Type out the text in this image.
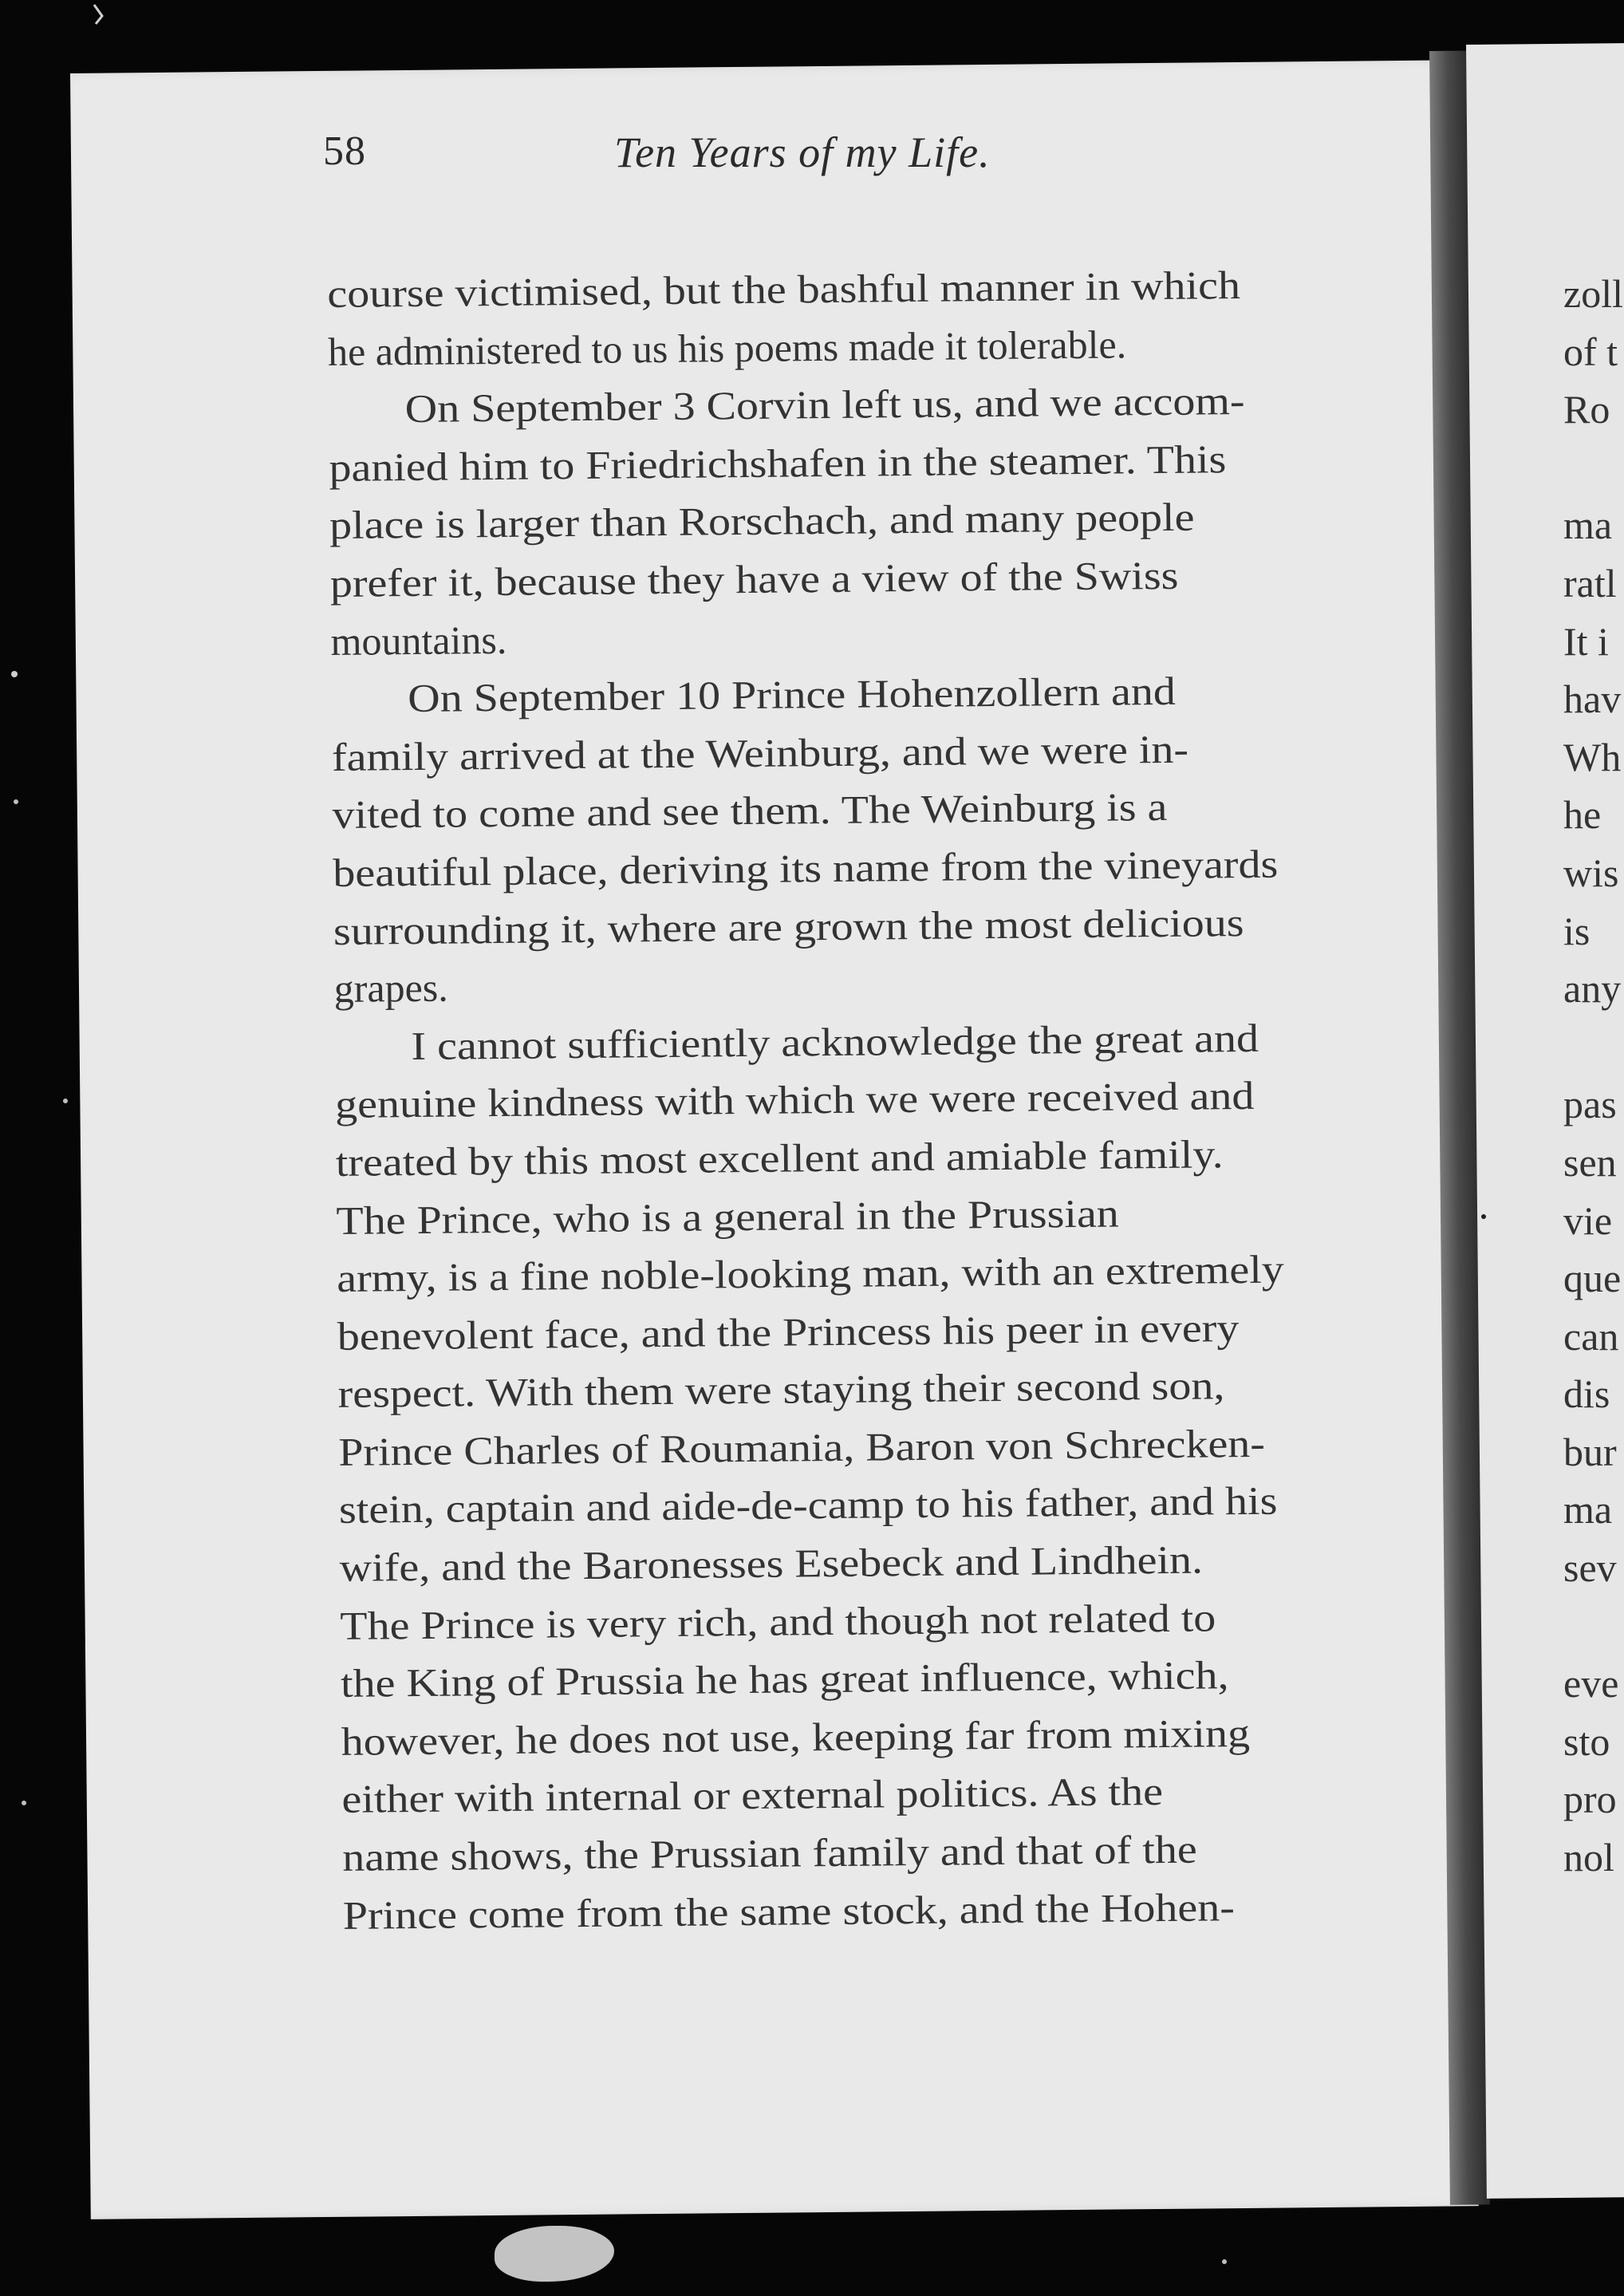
58	Ten Years of my Life.
course victimised, but the bashful manner in which
he administered to us his poems made it tolerable.
On September 3 Corvin left us, and we accom-
panied him to Friedrichshafen in the steamer. This
place is larger than Rorschach, and many people
prefer it, because they have a view of the Swiss
mountains.
On September 10 Prince Hohenzollern and
family arrived at the Weinburg, and we were in-
vited to come and see them. The Weinburg is a
beautiful place, deriving its name from the vineyards
surrounding it, where are grown the most delicious
grapes.
I cannot sufficiently acknowledge the great and
genuine kindness with which we were received and
treated by this most excellent and amiable family.
The Prince, who is a general in the Prussian
army, is a fine noble-looking man, with an extremely
benevolent face, and the Princess his peer in every
respect. With them were staying their second son,
Prince Charles of Roumania, Baron von Schrecken-
stein, captain and aide-de-camp to his father, and his
wife, and the Baronesses Esebeck and Lindhein.
The Prince is very rich, and though not related to
the King of Prussia he has great influence, which,
however, he does not use, keeping far from mixing
either with internal or external politics. As the
name shows, the Prussian family and that of the
Prince come from the same stock, and the Hohen-
zoll
of t
Ro
ma
ratl
It i
hav
Wh
he
wis
is
any
pas
sen
vie
que
can
dis
bur
ma
sev
eve
sto
pro
nol
